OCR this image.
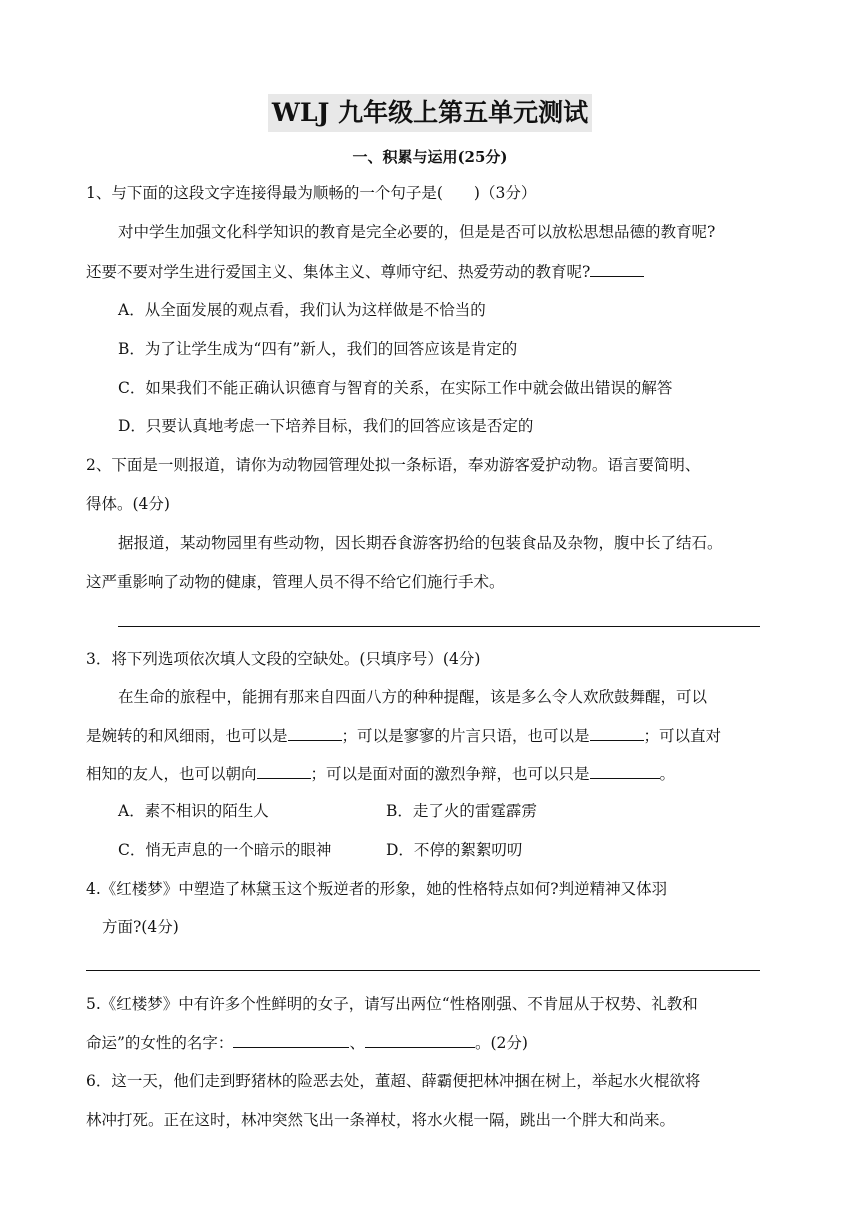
WLJ 九年级上第五单元测试
一、积累与运用(25分)
1、与下面的这段文字连接得最为顺畅的一个句子是(　　)（3分）
对中学生加强文化科学知识的教育是完全必要的，但是是否可以放松思想品德的教育呢?
还要不要对学生进行爱国主义、集体主义、尊师守纪、热爱劳动的教育呢?
A．从全面发展的观点看，我们认为这样做是不恰当的
B．为了让学生成为“四有”新人，我们的回答应该是肯定的
C．如果我们不能正确认识德育与智育的关系，在实际工作中就会做出错误的解答
D．只要认真地考虑一下培养目标，我们的回答应该是否定的
2、下面是一则报道，请你为动物园管理处拟一条标语，奉劝游客爱护动物。语言要简明、
得体。(4分)
据报道，某动物园里有些动物，因长期吞食游客扔给的包装食品及杂物，腹中长了结石。
这严重影响了动物的健康，管理人员不得不给它们施行手术。
3．将下列选项依次填人文段的空缺处。(只填序号）(4分)
在生命的旅程中，能拥有那来自四面八方的种种提醒，该是多么令人欢欣鼓舞醒，可以
是婉转的和风细雨，也可以是	；可以是寥寥的片言只语，也可以是	；可以直对
相知的友人，也可以朝向	；可以是面对面的激烈争辩，也可以只是	。
A．素不相识的陌生人	B．走了火的雷霆霹雳
C．悄无声息的一个暗示的眼神	D．不停的絮絮叨叨
4.《红楼梦》中塑造了林黛玉这个叛逆者的形象，她的性格特点如何?判逆精神又体羽
方面?(4分)
5.《红楼梦》中有许多个性鲜明的女子，请写出两位“性格刚强、不肯屈从于权势、礼教和
命运”的女性的名字：	、	。(2分)
6．这一天，他们走到野猪林的险恶去处，董超、薛霸便把林冲捆在树上，举起水火棍欲将
林冲打死。正在这时，林冲突然飞出一条禅杖，将水火棍一隔，跳出一个胖大和尚来。
